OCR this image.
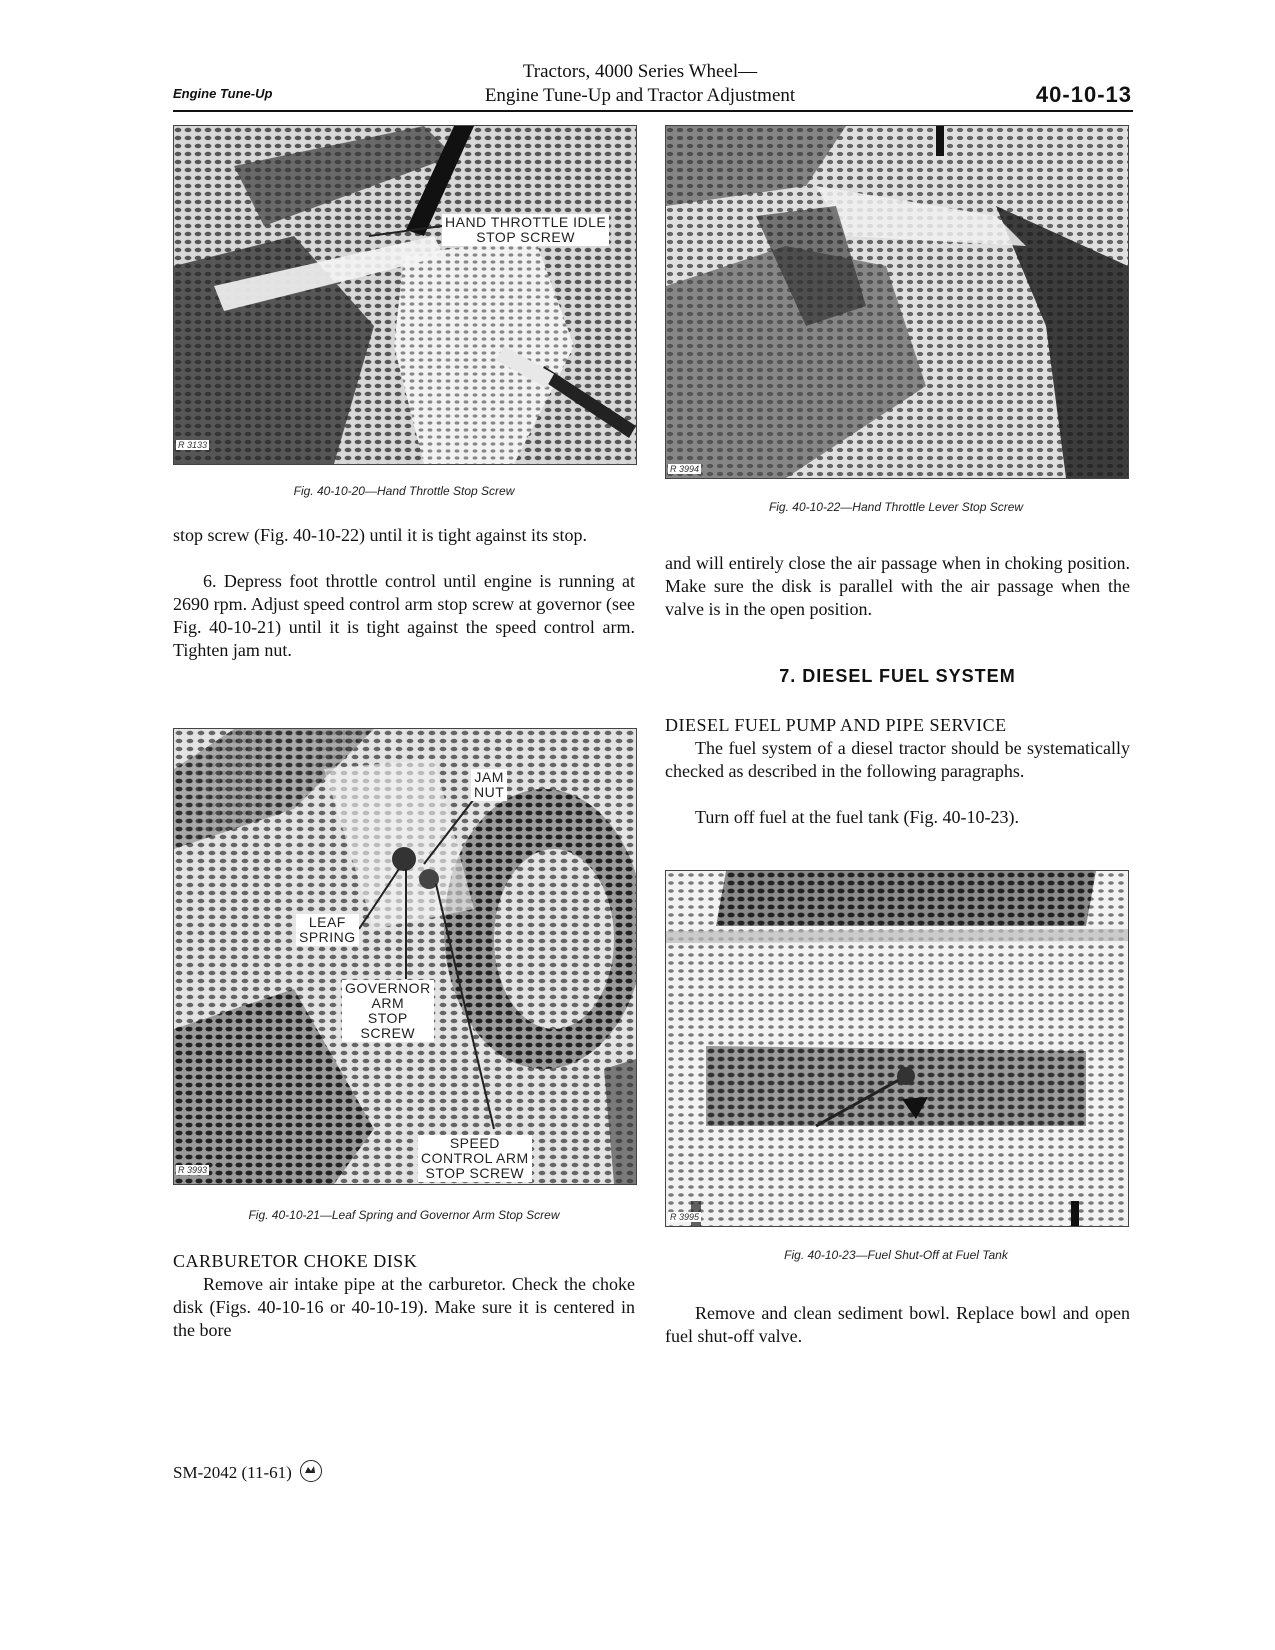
Engine Tune-Up
Tractors, 4000 Series Wheel—
Engine Tune-Up and Tractor Adjustment	40-10-13
HAND THROTTLE IDLE
STOP SCREW
R 3133
Fig. 40-10-20—Hand Throttle Stop Screw
R 3994
Fig. 40-10-22—Hand Throttle Lever Stop Screw

stop screw (Fig. 40-10-22) until it is tight against its stop.

6. Depress foot throttle control until engine is running at 2690 rpm. Adjust speed control arm stop screw at governor (see Fig. 40-10-21) until it is tight against the speed control arm. Tighten jam nut.

JAM
NUT
LEAF
SPRING
GOVERNOR
ARM
STOP
SCREW
SPEED
CONTROL ARM
STOP SCREW
R 3993
Fig. 40-10-21—Leaf Spring and Governor Arm Stop Screw
CARBURETOR CHOKE DISK

Remove air intake pipe at the carburetor. Check the choke disk (Figs. 40-10-16 or 40-10-19). Make sure it is centered in the bore

and will entirely close the air passage when in choking position. Make sure the disk is parallel with the air passage when the valve is in the open position.

7. DIESEL FUEL SYSTEM
DIESEL FUEL PUMP AND PIPE SERVICE

The fuel system of a diesel tractor should be systematically checked as described in the following paragraphs.

Turn off fuel at the fuel tank (Fig. 40-10-23).

R 3995
Fig. 40-10-23—Fuel Shut-Off at Fuel Tank

Remove and clean sediment bowl. Replace bowl and open fuel shut-off valve.

SM-2042 (11-61)
